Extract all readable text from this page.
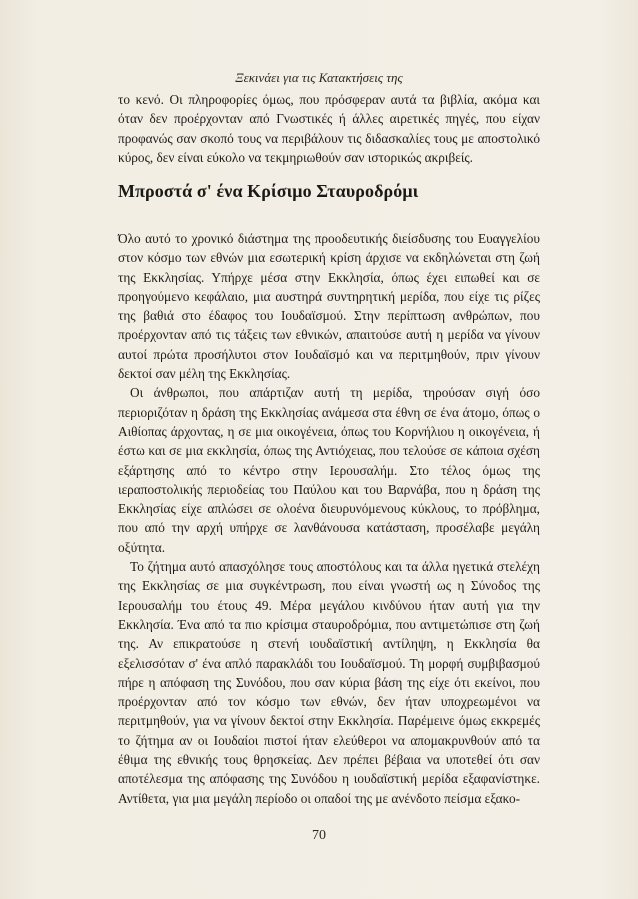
Ξεκινάει για τις Κατακτήσεις της

το κενό. Οι πληροφορίες όμως, που πρόσφεραν αυτά τα βιβλία, ακόμα και όταν δεν προέρχονταν από Γνωστικές ή άλλες αιρετικές πηγές, που είχαν προφανώς σαν σκοπό τους να περιβάλουν τις διδασκαλίες τους με αποστολικό κύρος, δεν είναι εύκολο να τεκμηριωθούν σαν ιστορικώς ακριβείς.

Μπροστά σ' ένα Κρίσιμο Σταυροδρόμι

Όλο αυτό το χρονικό διάστημα της προοδευτικής διείσδυσης του Ευαγγελίου στον κόσμο των εθνών μια εσωτερική κρίση άρχισε να εκδηλώνεται στη ζωή της Εκκλησίας. Υπήρχε μέσα στην Εκκλησία, όπως έχει ειπωθεί και σε προηγούμενο κεφάλαιο, μια αυστηρά συντηρητική μερίδα, που είχε τις ρίζες της βαθιά στο έδαφος του Ιουδαϊσμού. Στην περίπτωση ανθρώπων, που προέρχονταν από τις τάξεις των εθνικών, απαιτούσε αυτή η μερίδα να γίνουν αυτοί πρώτα προσήλυτοι στον Ιουδαϊσμό και να περιτμηθούν, πριν γίνουν δεκτοί σαν μέλη της Εκκλησίας.

Οι άνθρωποι, που απάρτιζαν αυτή τη μερίδα, τηρούσαν σιγή όσο περιοριζόταν η δράση της Εκκλησίας ανάμεσα στα έθνη σε ένα άτομο, όπως ο Αιθίοπας άρχοντας, η σε μια οικογένεια, όπως του Κορνήλιου η οικογένεια, ή έστω και σε μια εκκλησία, όπως της Αντιόχειας, που τελούσε σε κάποια σχέση εξάρτησης από το κέντρο στην Ιερουσαλήμ. Στο τέλος όμως της ιεραποστολικής περιοδείας του Παύλου και του Βαρνάβα, που η δράση της Εκκλησίας είχε απλώσει σε ολοένα διευρυνόμενους κύκλους, το πρόβλημα, που από την αρχή υπήρχε σε λανθάνουσα κατάσταση, προσέλαβε μεγάλη οξύτητα.

Το ζήτημα αυτό απασχόλησε τους αποστόλους και τα άλλα ηγετικά στελέχη της Εκκλησίας σε μια συγκέντρωση, που είναι γνωστή ως η Σύνοδος της Ιερουσαλήμ του έτους 49. Μέρα μεγάλου κινδύνου ήταν αυτή για την Εκκλησία. Ένα από τα πιο κρίσιμα σταυροδρόμια, που αντιμετώπισε στη ζωή της. Αν επικρατούσε η στενή ιουδαϊστική αντίληψη, η Εκκλησία θα εξελισσόταν σ' ένα απλό παρακλάδι του Ιουδαϊσμού. Τη μορφή συμβιβασμού πήρε η απόφαση της Συνόδου, που σαν κύρια βάση της είχε ότι εκείνοι, που προέρχονταν από τον κόσμο των εθνών, δεν ήταν υποχρεωμένοι να περιτμηθούν, για να γίνουν δεκτοί στην Εκκλησία. Παρέμεινε όμως εκκρεμές το ζήτημα αν οι Ιουδαίοι πιστοί ήταν ελεύθεροι να απομακρυνθούν από τα έθιμα της εθνικής τους θρησκείας. Δεν πρέπει βέβαια να υποτεθεί ότι σαν αποτέλεσμα της απόφασης της Συνόδου η ιουδαϊστική μερίδα εξαφανίστηκε. Αντίθετα, για μια μεγάλη περίοδο οι οπαδοί της με ανένδοτο πείσμα εξακο-

70
